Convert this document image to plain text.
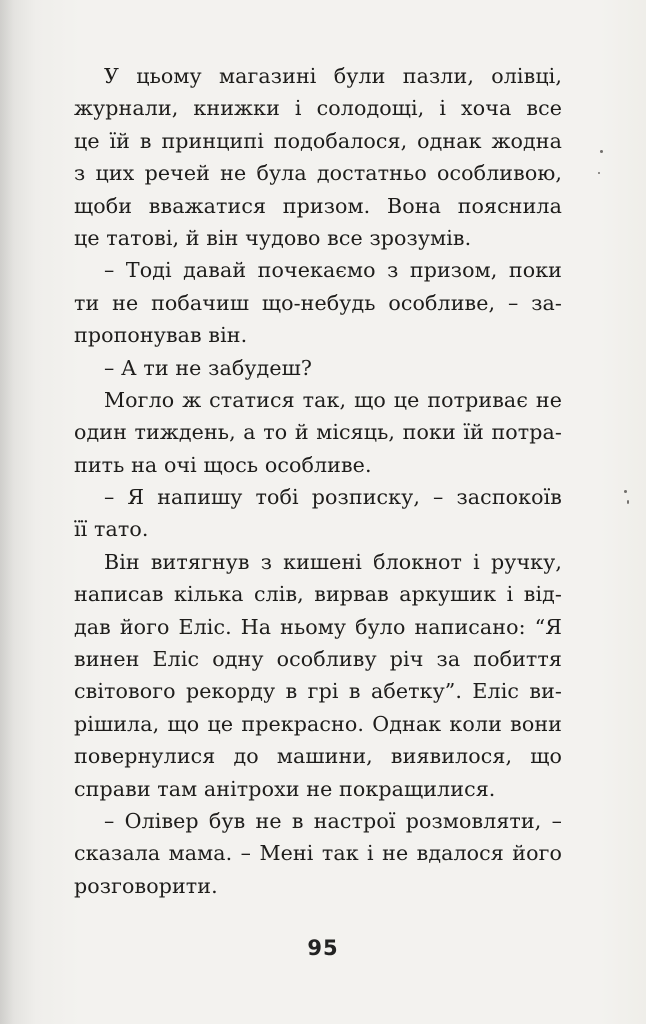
У цьому магазині були пазли, олівці,
журнали, книжки і солодощі, і хоча все
це їй в принципі подобалося, однак жодна
з цих речей не була достатньо особливою,
щоби вважатися призом. Вона пояснила
це татові, й він чудово все зрозумів.
– Тоді давай почекаємо з призом, поки
ти не побачиш що-небудь особливе, – за-
пропонував він.
– А ти не забудеш?
Могло ж статися так, що це потриває не
один тиждень, а то й місяць, поки їй потра-
пить на очі щось особливе.
– Я напишу тобі розписку, – заспокоїв
її тато.
Він витягнув з кишені блокнот і ручку,
написав кілька слів, вирвав аркушик і від-
дав його Еліс. На ньому було написано: “Я
винен Еліс одну особливу річ за побиття
світового рекорду в грі в абетку”. Еліс ви-
рішила, що це прекрасно. Однак коли вони
повернулися до машини, виявилося, що
справи там анітрохи не покращилися.
– Олівер був не в настрої розмовляти, –
сказала мама. – Мені так і не вдалося його
розговорити.
95
